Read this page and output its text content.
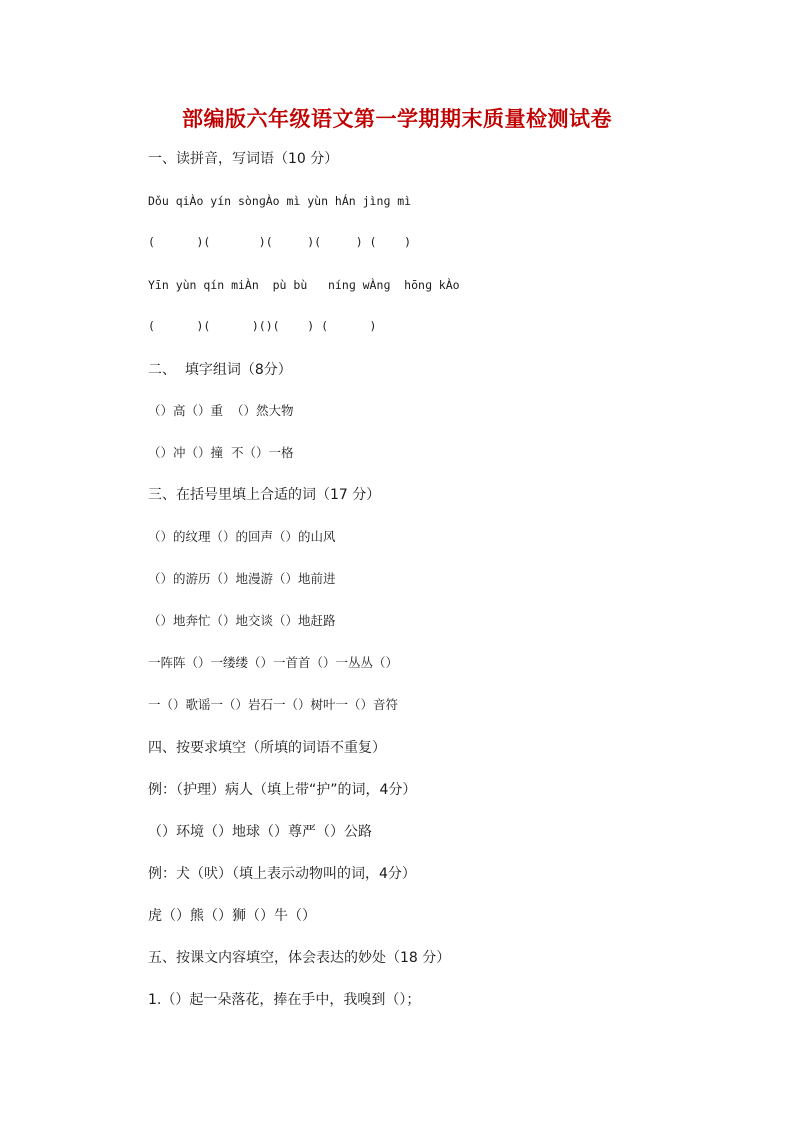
部编版六年级语文第一学期期末质量检测试卷
一、读拼音，写词语（10 分）
Dǒu qiÀo yín sònɡÀo mì yùn hÁn jìnɡ mì
(      )(       )(     )(     ) (    )
Yīn yùn qín miÀn  pù bù   nínɡ wÀnɡ  hōnɡ kÀo
(      )(      )()(    ) (      )
二、  填字组词（8分）
（）高（）重  （）然大物
（）冲（）撞  不（）一格
三、在括号里填上合适的词（17 分）
（）的纹理（）的回声（）的山风
（）的游历（）地漫游（）地前进
（）地奔忙（）地交谈（）地赶路
一阵阵（）一缕缕（）一首首（）一丛丛（）
一（）歌谣一（）岩石一（）树叶一（）音符
四、按要求填空（所填的词语不重复）
例：（护理）病人（填上带“护”的词，4分）
（）环境（）地球（）尊严（）公路
例：犬（吠）（填上表示动物叫的词，4分）
虎（）熊（）狮（）牛（）
五、按课文内容填空，体会表达的妙处（18 分）
1.（）起一朵落花，捧在手中，我嗅到（）；
